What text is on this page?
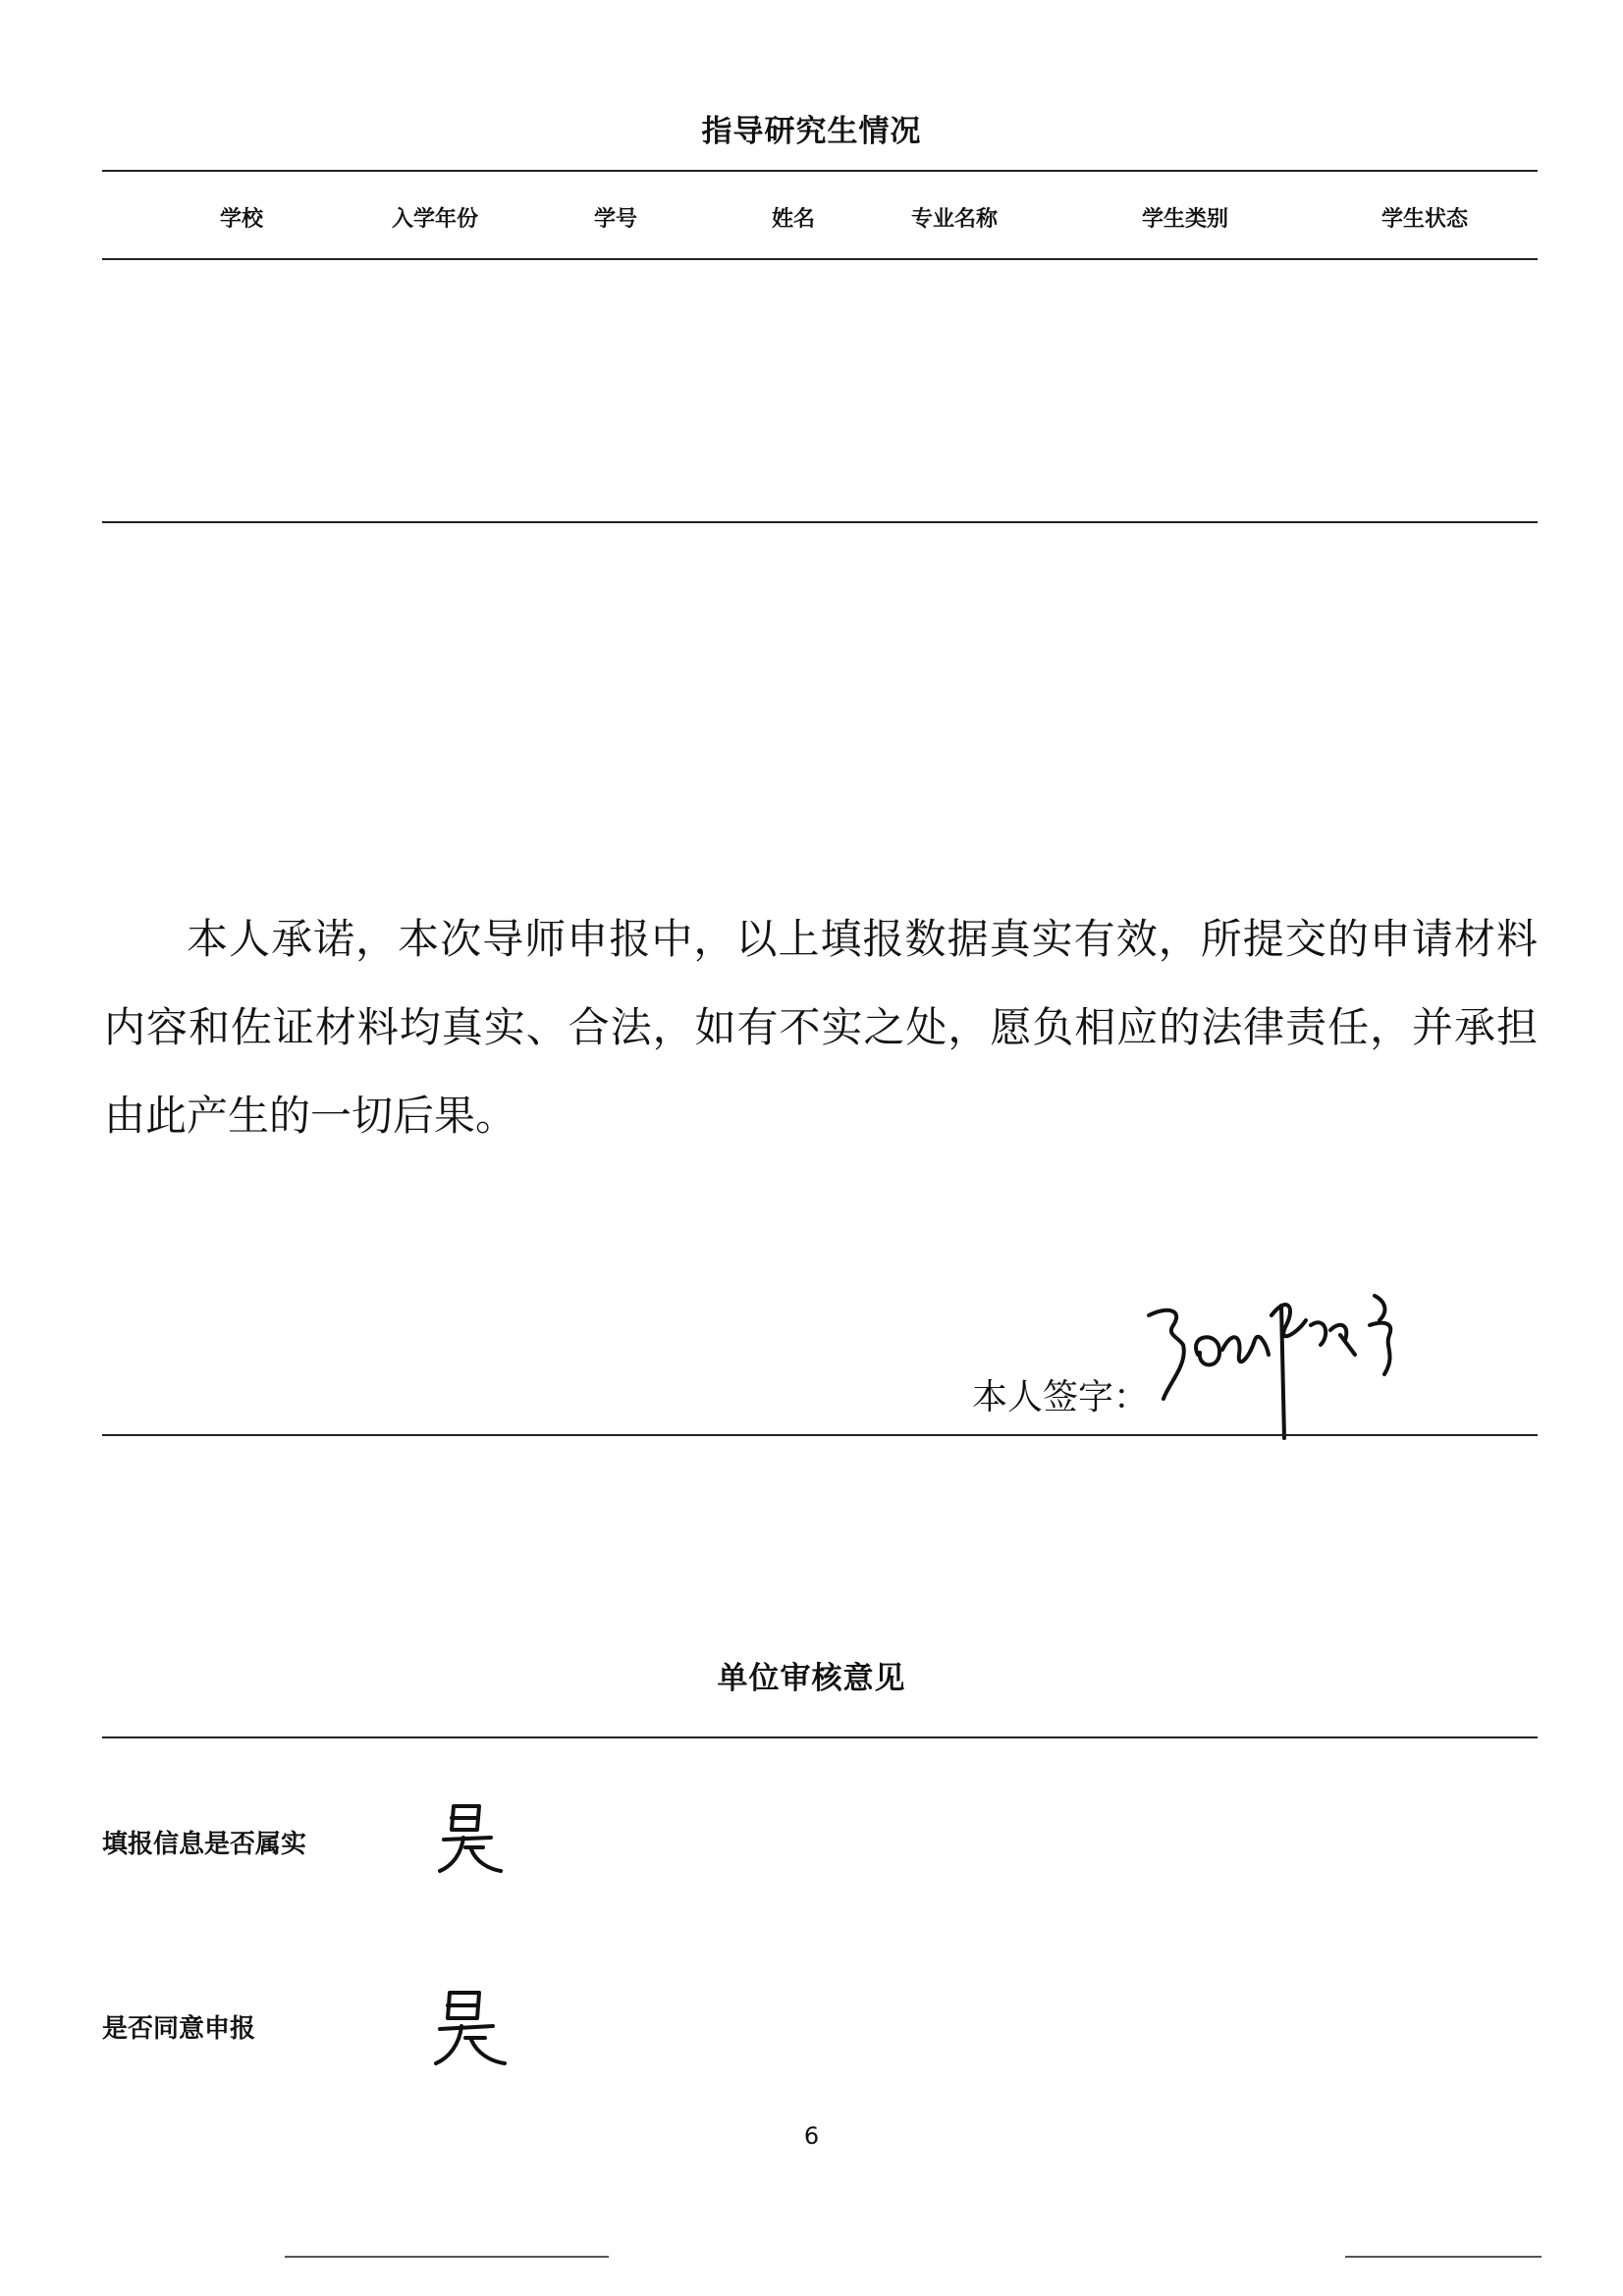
指导研究生情况
学校	入学年份	学号	姓名	专业名称	学生类别	学生状态

本人承诺，本次导师申报中，以上填报数据真实有效，所提交的申请材料内容和佐证材料均真实、合法，如有不实之处，愿负相应的法律责任，并承担由此产生的一切后果。

本人签字：
单位审核意见
填报信息是否属实
是否同意申报
6
